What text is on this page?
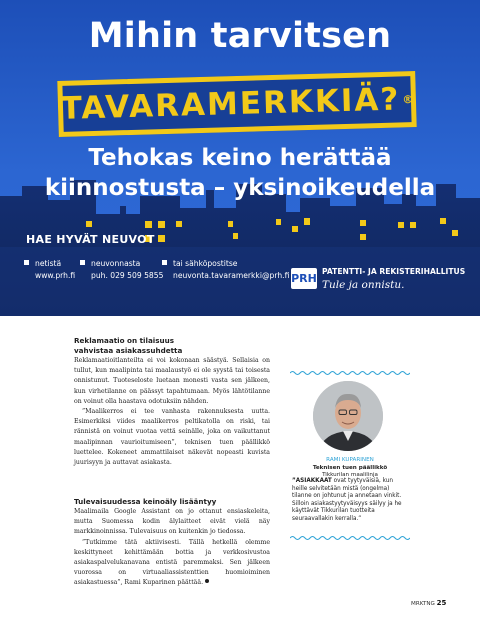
Mihin tarvitsen
TAVARAMERKKIÄ? ®
Tehokas keino herättää
kiinnostusta – yksinoikeudella
HAE HYVÄT NEUVOT
netistä
www.prh.fi
neuvonnasta
puh. 029 509 5855
tai sähköpostitse
neuvonta.tavaramerkki@prh.fi PRH
PATENTTI- JA REKISTERIHALLITUS
Tule ja onnistu.

Reklamaatio on tilaisuus
vahvistaa asiakassuhdetta

Reklamaatioitlanteilta ei voi kokonaan säästyä. Sellaisia on tullut, kun maalipinta tai maalaustyö ei ole syystä tai toisesta onnistunut. Tuoteseloste luetaan monesti vasta sen jälkeen, kun virhetilanne on päässyt tapahtumaan. Myös lähtötilanne on voinut olla haastava odotuksiin nähden.

”Maalikerros ei tee vanhasta rakennuksesta uutta. Esimerkiksi viides maalikerros peltikatolla on riski, tai rännistä on voinut vuotaa vettä seinälle, joka on vaikuttanut maalipinnan vaurioitumiseen”, teknisen tuen päällikkö luettelee. Kokeneet ammattilaiset näkevät nopeasti kuvista juurisyyn ja auttavat asiakasta.

Tulevaisuudessa keinoäly lisääntyy

Maalimaila Google Assistant on jo ottanut ensiaskeleita, mutta Suomessa kodin älylaitteet eivät vielä näy markkinoinnissa. Tulevaisuus on kuitenkin jo tiedossa.

”Tutkimme tätä aktiivisesti. Tällä hetkellä olemme keskittyneet kehittämään bottia ja verkkosivustoa asiakaspalvelukanavana entistä paremmaksi. Sen jälkeen vuorossa on virtuaaliassistenttien huomioiminen asiakastuessa”, Rami Kuparinen päättää.

RAMI KUPARINEN
Teknisen tuen päällikkö
Tikkurilan maalilinja
”ASIAKKAAT ovat tyytyväisiä, kun heille selvitetään mistä (ongelma) tilanne on johtunut ja annetaan vinkit. Silloin asiakastyytyväisyys säilyy ja he käyttävät Tikkurilan tuotteita seuraavallakin kerralla.”
MRKTNG 25
